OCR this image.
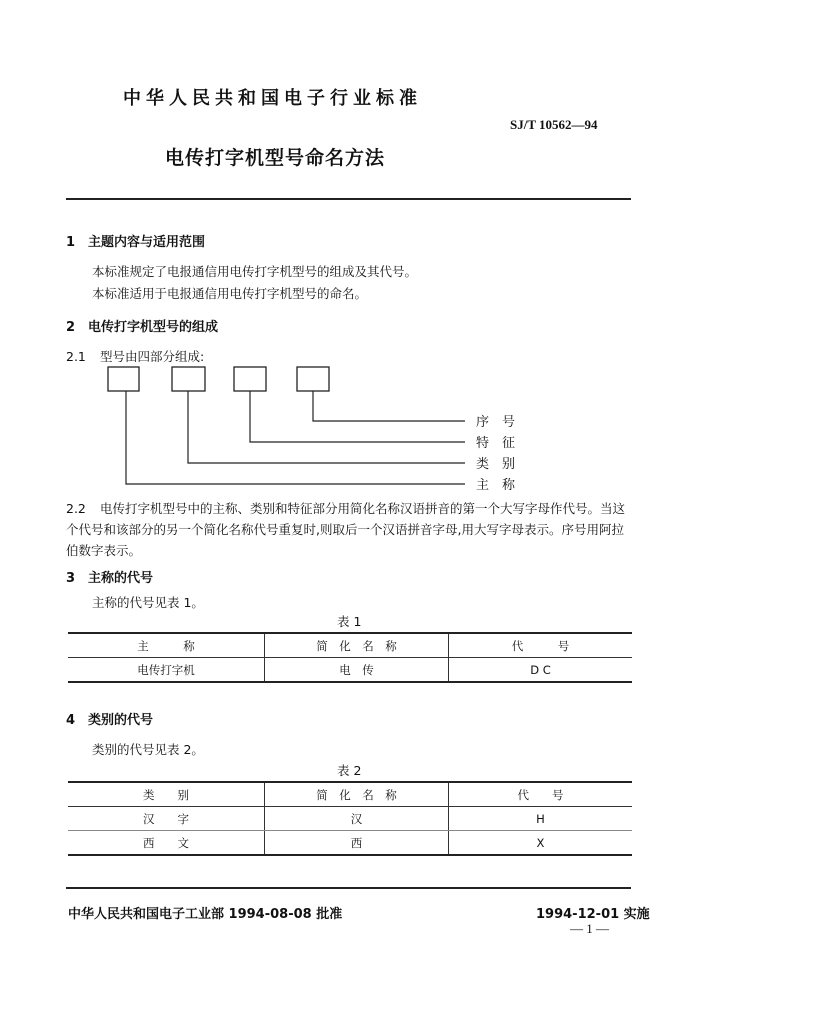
中华人民共和国电子行业标准
SJ/T 10562—94
电传打字机型号命名方法
1 主题内容与适用范围
本标准规定了电报通信用电传打字机型号的组成及其代号。
本标准适用于电报通信用电传打字机型号的命名。
2 电传打字机型号的组成
2.1 型号由四部分组成:
序　号
特　征
类　别
主　称
2.2 电传打字机型号中的主称、类别和特征部分用简化名称汉语拼音的第一个大写字母作代号。当这个代号和该部分的另一个简化名称代号重复时,则取后一个汉语拼音字母,用大写字母表示。序号用阿拉伯数字表示。
3 主称的代号
主称的代号见表 1。
表 1
主　　　称	简　化　名　称	代　　　号
电传打字机	电　传	D C
4 类别的代号
类别的代号见表 2。
表 2
类　　别	简　化　名　称	代　　号
汉　　字	汉	H
西　　文	西	X
中华人民共和国电子工业部 1994-08-08 批准	1994-12-01 实施
— 1 —
